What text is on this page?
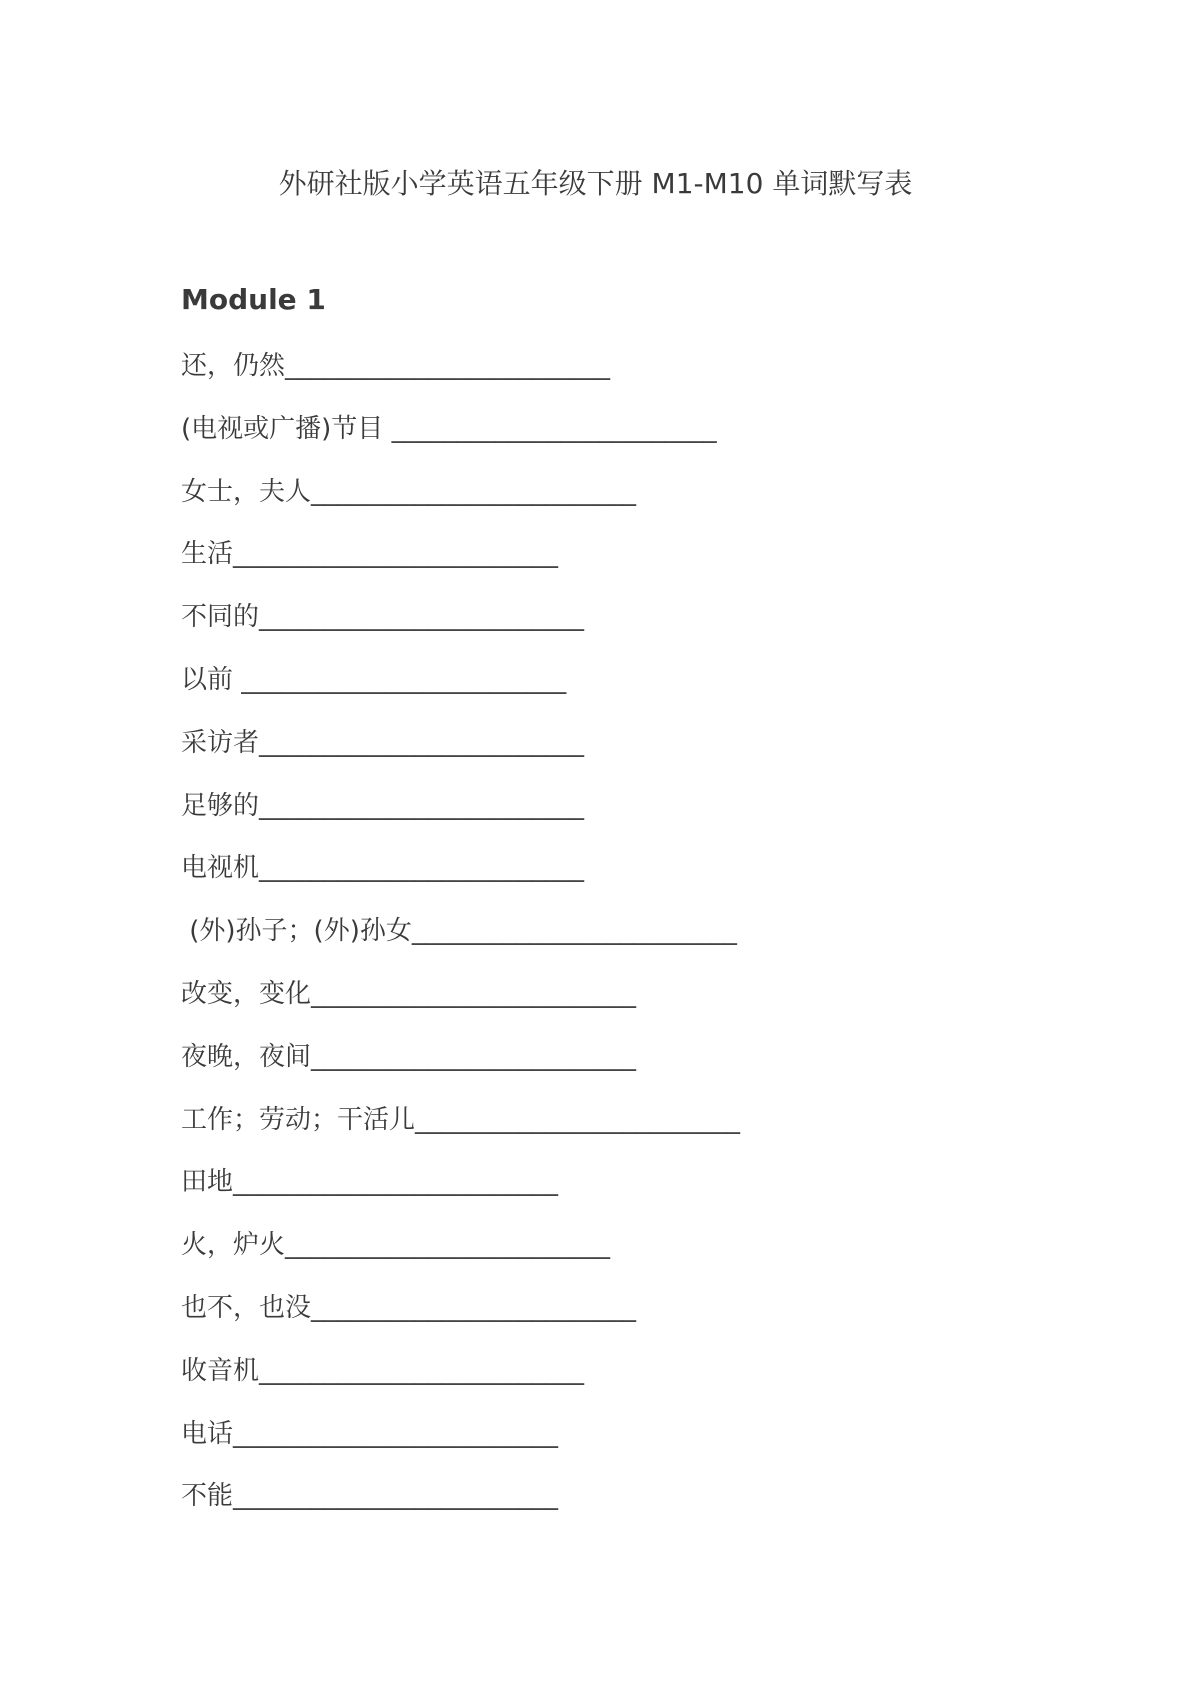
外研社版小学英语五年级下册 M1-M10 单词默写表
Module 1
还，仍然_________________________
(电视或广播)节目 _________________________
女士，夫人_________________________
生活_________________________
不同的_________________________
以前 _________________________
采访者_________________________
足够的_________________________
电视机_________________________
(外)孙子；(外)孙女_________________________
改变，变化_________________________
夜晚，夜间_________________________
工作；劳动；干活儿_________________________
田地_________________________
火，炉火_________________________
也不，也没_________________________
收音机_________________________
电话_________________________
不能_________________________
